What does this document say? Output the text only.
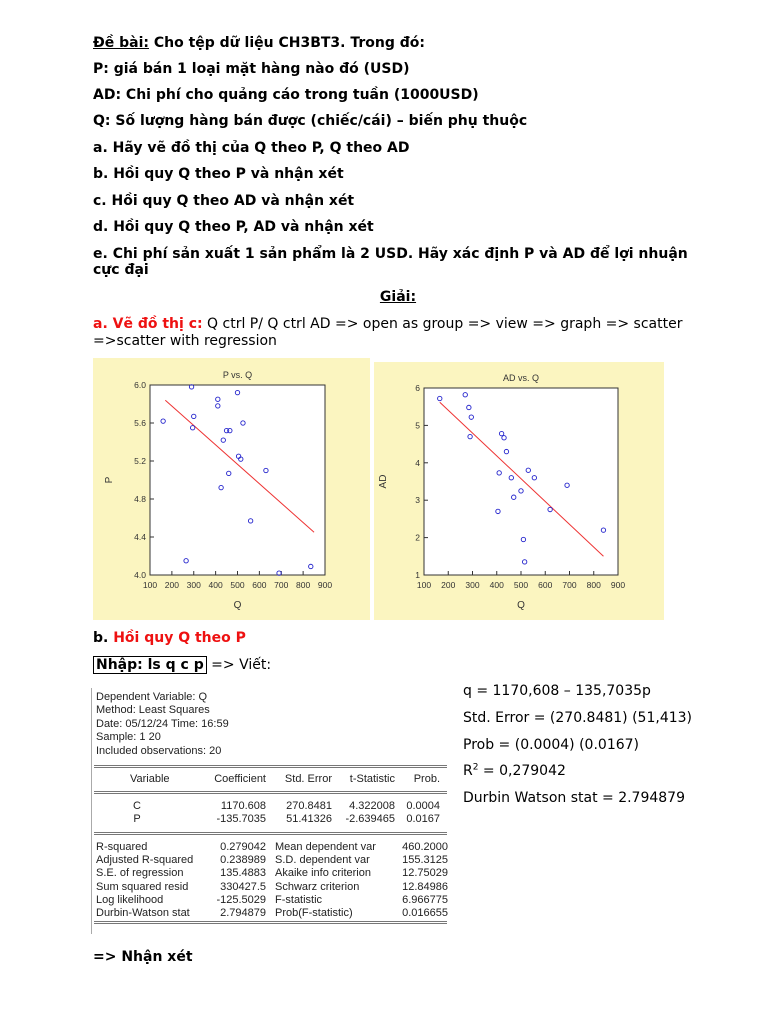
Đề bài: Cho tệp dữ liệu CH3BT3. Trong đó:
P: giá bán 1 loại mặt hàng nào đó (USD)
AD: Chi phí cho quảng cáo trong tuần (1000USD)
Q: Số lượng hàng bán được (chiếc/cái) – biến phụ thuộc
a. Hãy vẽ đồ thị của Q theo P, Q theo AD
b. Hồi quy Q theo P và nhận xét
c. Hồi quy Q theo AD và nhận xét
d. Hồi quy Q theo P, AD và nhận xét
e. Chi phí sản xuất 1 sản phẩm là 2 USD. Hãy xác định P và AD để lợi nhuận
cực đại
Giải:
a. Vẽ đồ thị c: Q ctrl P/ Q ctrl AD => open as group => view => graph => scatter
=>scatter with regression
P vs. Q
Q
P
100 200 300 400 500 600 700 800 900
4.0
4.4
4.8
5.2
5.6
6.0
AD vs. Q
Q
AD
100 200 300 400 500 600 700 800 900
1
2
3
4
5
6
b. Hồi quy Q theo P
Nhập: ls q c p => Viết:
Dependent Variable: Q
Method: Least Squares
Date: 05/12/24 Time: 16:59
Sample: 1 20
Included observations: 20
Variable	Coefficient	Std. Error	t-Statistic	Prob.
C	1170.608	270.8481	4.322008	0.0004
P	-135.7035	51.41326	-2.639465	0.0167
R-squared	0.279042 Mean dependent var	460.2000
Adjusted R-squared	0.238989 S.D. dependent var	155.3125
S.E. of regression	135.4883 Akaike info criterion	12.75029
Sum squared resid	330427.5 Schwarz criterion	12.84986
Log likelihood	-125.5029 F-statistic	6.966775
Durbin-Watson stat	2.794879 Prob(F-statistic)	0.016655
q = 1170,608 – 135,7035p
Std. Error = (270.8481) (51,413)
Prob = (0.0004) (0.0167)
$R^2 = 0,279042$
Durbin Watson stat = 2.794879
=> Nhận xét
